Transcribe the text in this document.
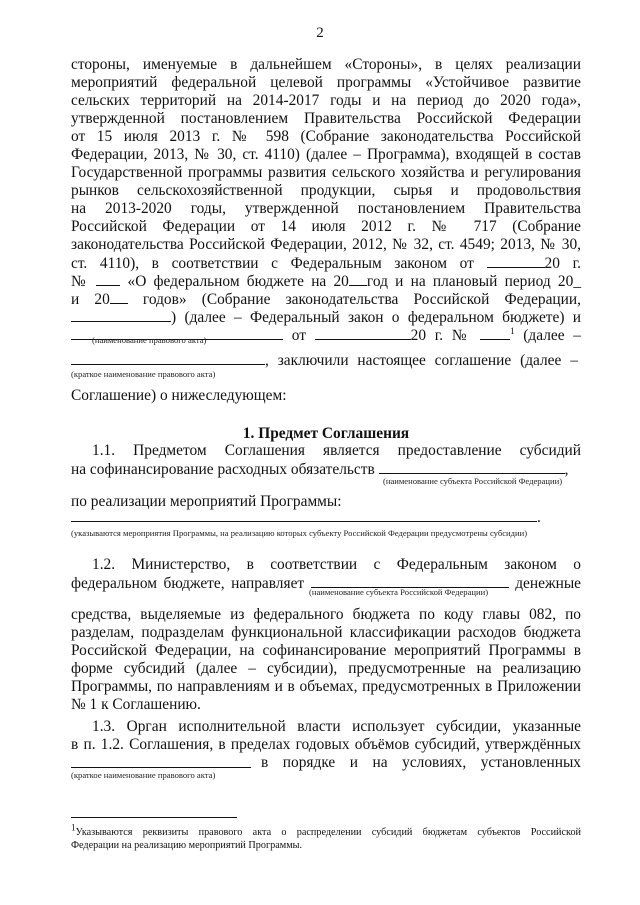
2
стороны, именуемые в дальнейшем «Стороны», в целях реализации
мероприятий федеральной целевой программы «Устойчивое развитие
сельских территорий на 2014-2017 годы и на период до 2020 года»,
утвержденной постановлением Правительства Российской Федерации
от 15 июля 2013 г. № 598 (Собрание законодательства Российской
Федерации, 2013, № 30, ст. 4110) (далее – Программа), входящей в состав
Государственной программы развития сельского хозяйства и регулирования
рынков сельскохозяйственной продукции, сырья и продовольствия
на 2013-2020 годы, утвержденной постановлением Правительства
Российской Федерации от 14 июля 2012 г. № 717 (Собрание
законодательства Российской Федерации, 2012, № 32, ст. 4549; 2013, № 30,
ст. 4110), в соответствии с Федеральным законом от	20 г.
№ «О федеральном бюджете на 20 год и на плановый период 20_
и 20 годов» (Собрание законодательства Российской Федерации,
) (далее – Федеральный закон о федеральном бюджете) и
от	20 г. №	$^1$ (далее –
(наименование правового акта)
, заключили настоящее соглашение (далее –
(краткое наименование правового акта)
Соглашение) о нижеследующем:
1. Предмет Соглашения
1.1. Предметом Соглашения является предоставление субсидий
на софинансирование расходных обязательств	,
(наименование субъекта Российской Федерации)
по реализации мероприятий Программы:
.
(указываются мероприятия Программы, на реализацию которых субъекту Российской Федерации предусмотрены субсидии)
1.2. Министерство, в соответствии с Федеральным законом о
федеральном бюджете, направляет	денежные
(наименование субъекта Российской Федерации)
средства, выделяемые из федерального бюджета по коду главы 082, по
разделам, подразделам функциональной классификации расходов бюджета
Российской Федерации, на софинансирование мероприятий Программы в
форме субсидий (далее – субсидии), предусмотренные на реализацию
Программы, по направлениям и в объемах, предусмотренных в Приложении
№ 1 к Соглашению.
1.3. Орган исполнительной власти использует субсидии, указанные
в п. 1.2. Соглашения, в пределах годовых объёмов субсидий, утверждённых
в порядке и на условиях, установленных
(краткое наименование правового акта)
$^1$Указываются реквизиты правового акта о распределении субсидий бюджетам субъектов Российской
Федерации на реализацию мероприятий Программы.
